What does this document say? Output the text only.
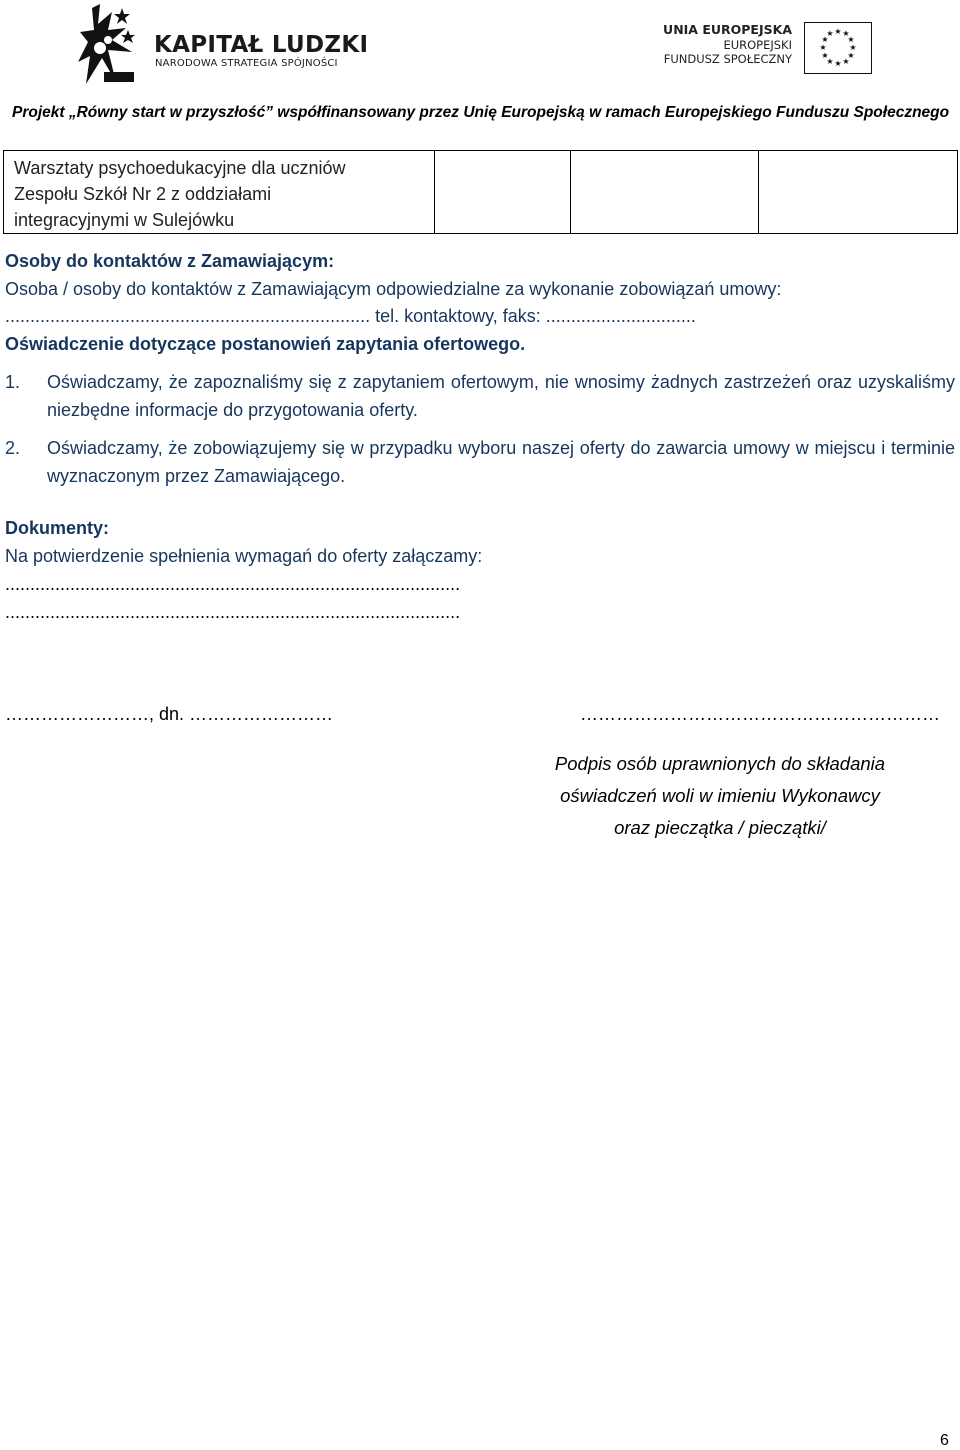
KAPITAŁ LUDZKI
NARODOWA STRATEGIA SPÓJNOŚCI
UNIA EUROPEJSKA
EUROPEJSKI
FUNDUSZ SPOŁECZNY
★ ★
★
★
★
★
★
★
★
★
★
★
Projekt „Równy start w przyszłość” współfinansowany przez Unię Europejską w ramach Europejskiego Funduszu Społecznego
Warsztaty psychoedukacyjne dla uczniów
Zespołu Szkół Nr 2 z oddziałami
integracyjnymi w Sulejówku
Osoby do kontaktów z Zamawiającym:
Osoba / osoby do kontaktów z Zamawiającym odpowiedzialne za wykonanie zobowiązań umowy:
......................................................................... tel. kontaktowy, faks: ..............................
Oświadczenie dotyczące postanowień zapytania ofertowego.
1. Oświadczamy, że zapoznaliśmy się z zapytaniem ofertowym, nie wnosimy żadnych zastrzeżeń oraz uzyskaliśmy niezbędne informacje do przygotowania oferty.
2. Oświadczamy, że zobowiązujemy się w przypadku wyboru naszej oferty do zawarcia umowy w miejscu i terminie wyznaczonym przez Zamawiającego.
Dokumenty:
Na potwierdzenie spełnienia wymagań do oferty załączamy:
...........................................................................................
...........................................................................................
……………………, dn. ……………………	……………………………………………………
Podpis osób uprawnionych do składania
oświadczeń woli w imieniu Wykonawcy
oraz pieczątka / pieczątki/
6
